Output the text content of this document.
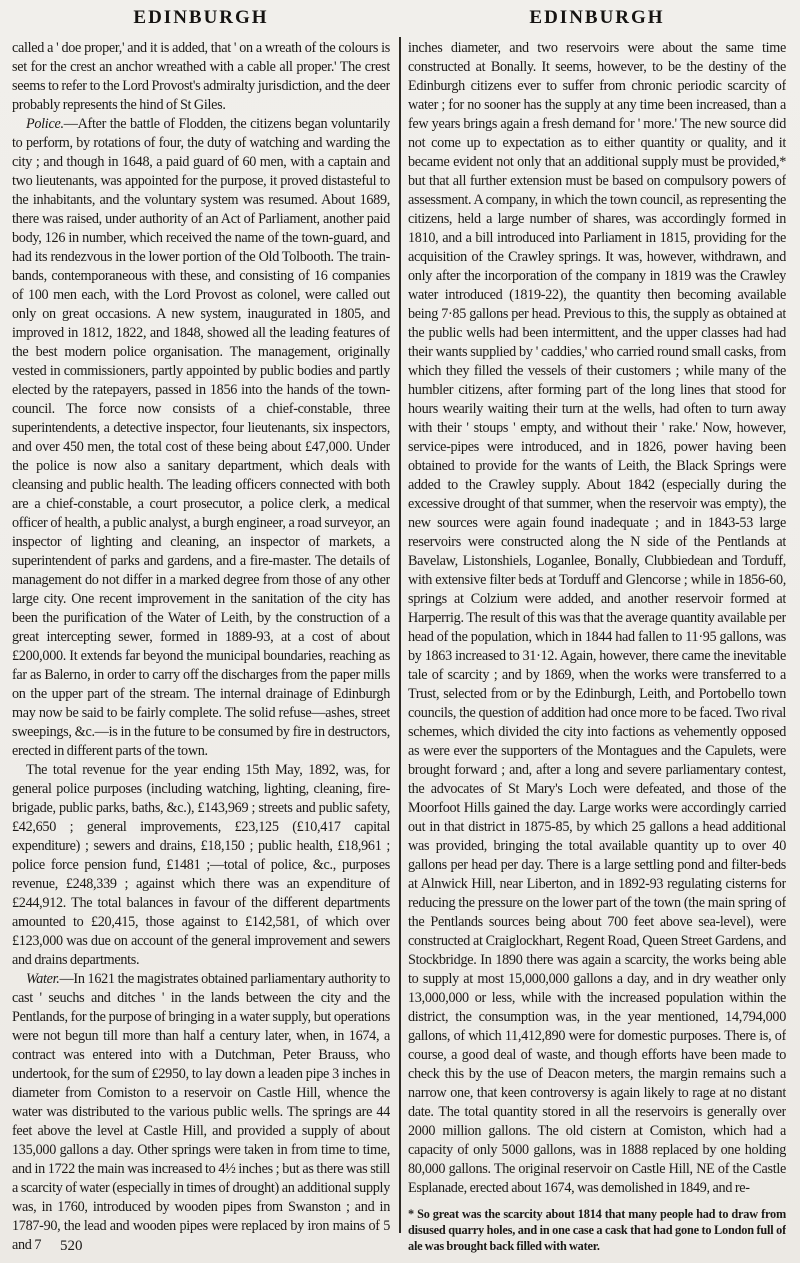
EDINBURGH	EDINBURGH

called a ' doe proper,' and it is added, that ' on a wreath of the colours is set for the crest an anchor wreathed with a cable all proper.' The crest seems to refer to the Lord Provost's admiralty jurisdiction, and the deer probably represents the hind of St Giles.

Police.—After the battle of Flodden, the citizens began voluntarily to perform, by rotations of four, the duty of watching and warding the city ; and though in 1648, a paid guard of 60 men, with a captain and two lieutenants, was appointed for the purpose, it proved distasteful to the inhabitants, and the voluntary system was resumed. About 1689, there was raised, under authority of an Act of Parliament, another paid body, 126 in number, which received the name of the town-guard, and had its rendezvous in the lower portion of the Old Tolbooth. The train-bands, contemporaneous with these, and consisting of 16 companies of 100 men each, with the Lord Provost as colonel, were called out only on great occasions. A new system, inaugurated in 1805, and improved in 1812, 1822, and 1848, showed all the leading features of the best modern police organisation. The management, originally vested in commissioners, partly appointed by public bodies and partly elected by the ratepayers, passed in 1856 into the hands of the town-council. The force now consists of a chief-constable, three superintendents, a detective inspector, four lieutenants, six inspectors, and over 450 men, the total cost of these being about £47,000. Under the police is now also a sanitary department, which deals with cleansing and public health. The leading officers connected with both are a chief-constable, a court prosecutor, a police clerk, a medical officer of health, a public analyst, a burgh engineer, a road surveyor, an inspector of lighting and cleaning, an inspector of markets, a superintendent of parks and gardens, and a fire-master. The details of management do not differ in a marked degree from those of any other large city. One recent improvement in the sanitation of the city has been the purification of the Water of Leith, by the construction of a great intercepting sewer, formed in 1889-93, at a cost of about £200,000. It extends far beyond the municipal boundaries, reaching as far as Balerno, in order to carry off the discharges from the paper mills on the upper part of the stream. The internal drainage of Edinburgh may now be said to be fairly complete. The solid refuse—ashes, street sweepings, &c.—is in the future to be consumed by fire in destructors, erected in different parts of the town.

The total revenue for the year ending 15th May, 1892, was, for general police purposes (including watching, lighting, cleaning, fire-brigade, public parks, baths, &c.), £143,969 ; streets and public safety, £42,650 ; general improvements, £23,125 (£10,417 capital expenditure) ; sewers and drains, £18,150 ; public health, £18,961 ; police force pension fund, £1481 ;—total of police, &c., purposes revenue, £248,339 ; against which there was an expenditure of £244,912. The total balances in favour of the different departments amounted to £20,415, those against to £142,581, of which over £123,000 was due on account of the general improvement and sewers and drains departments.

Water.—In 1621 the magistrates obtained parliamentary authority to cast ' seuchs and ditches ' in the lands between the city and the Pentlands, for the purpose of bringing in a water supply, but operations were not begun till more than half a century later, when, in 1674, a contract was entered into with a Dutchman, Peter Brauss, who undertook, for the sum of £2950, to lay down a leaden pipe 3 inches in diameter from Comiston to a reservoir on Castle Hill, whence the water was distributed to the various public wells. The springs are 44 feet above the level at Castle Hill, and provided a supply of about 135,000 gallons a day. Other springs were taken in from time to time, and in 1722 the main was increased to 4½ inches ; but as there was still a scarcity of water (especially in times of drought) an additional supply was, in 1760, introduced by wooden pipes from Swanston ; and in 1787-90, the lead and wooden pipes were replaced by iron mains of 5 and 7

inches diameter, and two reservoirs were about the same time constructed at Bonally. It seems, however, to be the destiny of the Edinburgh citizens ever to suffer from chronic periodic scarcity of water ; for no sooner has the supply at any time been increased, than a few years brings again a fresh demand for ' more.' The new source did not come up to expectation as to either quantity or quality, and it became evident not only that an additional supply must be provided,* but that all further extension must be based on compulsory powers of assessment. A company, in which the town council, as representing the citizens, held a large number of shares, was accordingly formed in 1810, and a bill introduced into Parliament in 1815, providing for the acquisition of the Crawley springs. It was, however, withdrawn, and only after the incorporation of the company in 1819 was the Crawley water introduced (1819-22), the quantity then becoming available being 7·85 gallons per head. Previous to this, the supply as obtained at the public wells had been intermittent, and the upper classes had had their wants supplied by ' caddies,' who carried round small casks, from which they filled the vessels of their customers ; while many of the humbler citizens, after forming part of the long lines that stood for hours wearily waiting their turn at the wells, had often to turn away with their ' stoups ' empty, and without their ' rake.' Now, however, service-pipes were introduced, and in 1826, power having been obtained to provide for the wants of Leith, the Black Springs were added to the Crawley supply. About 1842 (especially during the excessive drought of that summer, when the reservoir was empty), the new sources were again found inadequate ; and in 1843-53 large reservoirs were constructed along the N side of the Pentlands at Bavelaw, Listonshiels, Loganlee, Bonally, Clubbiedean and Torduff, with extensive filter beds at Torduff and Glencorse ; while in 1856-60, springs at Colzium were added, and another reservoir formed at Harperrig. The result of this was that the average quantity available per head of the population, which in 1844 had fallen to 11·95 gallons, was by 1863 increased to 31·12. Again, however, there came the inevitable tale of scarcity ; and by 1869, when the works were transferred to a Trust, selected from or by the Edinburgh, Leith, and Portobello town councils, the question of addition had once more to be faced. Two rival schemes, which divided the city into factions as vehemently opposed as were ever the supporters of the Montagues and the Capulets, were brought forward ; and, after a long and severe parliamentary contest, the advocates of St Mary's Loch were defeated, and those of the Moorfoot Hills gained the day. Large works were accordingly carried out in that district in 1875-85, by which 25 gallons a head additional was provided, bringing the total available quantity up to over 40 gallons per head per day. There is a large settling pond and filter-beds at Alnwick Hill, near Liberton, and in 1892-93 regulating cisterns for reducing the pressure on the lower part of the town (the main spring of the Pentlands sources being about 700 feet above sea-level), were constructed at Craiglockhart, Regent Road, Queen Street Gardens, and Stockbridge. In 1890 there was again a scarcity, the works being able to supply at most 15,000,000 gallons a day, and in dry weather only 13,000,000 or less, while with the increased population within the district, the consumption was, in the year mentioned, 14,794,000 gallons, of which 11,412,890 were for domestic purposes. There is, of course, a good deal of waste, and though efforts have been made to check this by the use of Deacon meters, the margin remains such a narrow one, that keen controversy is again likely to rage at no distant date. The total quantity stored in all the reservoirs is generally over 2000 million gallons. The old cistern at Comiston, which had a capacity of only 5000 gallons, was in 1888 replaced by one holding 80,000 gallons. The original reservoir on Castle Hill, NE of the Castle Esplanade, erected about 1674, was demolished in 1849, and re-

* So great was the scarcity about 1814 that many people had to draw from disused quarry holes, and in one case a cask that had gone to London full of ale was brought back filled with water.

520
